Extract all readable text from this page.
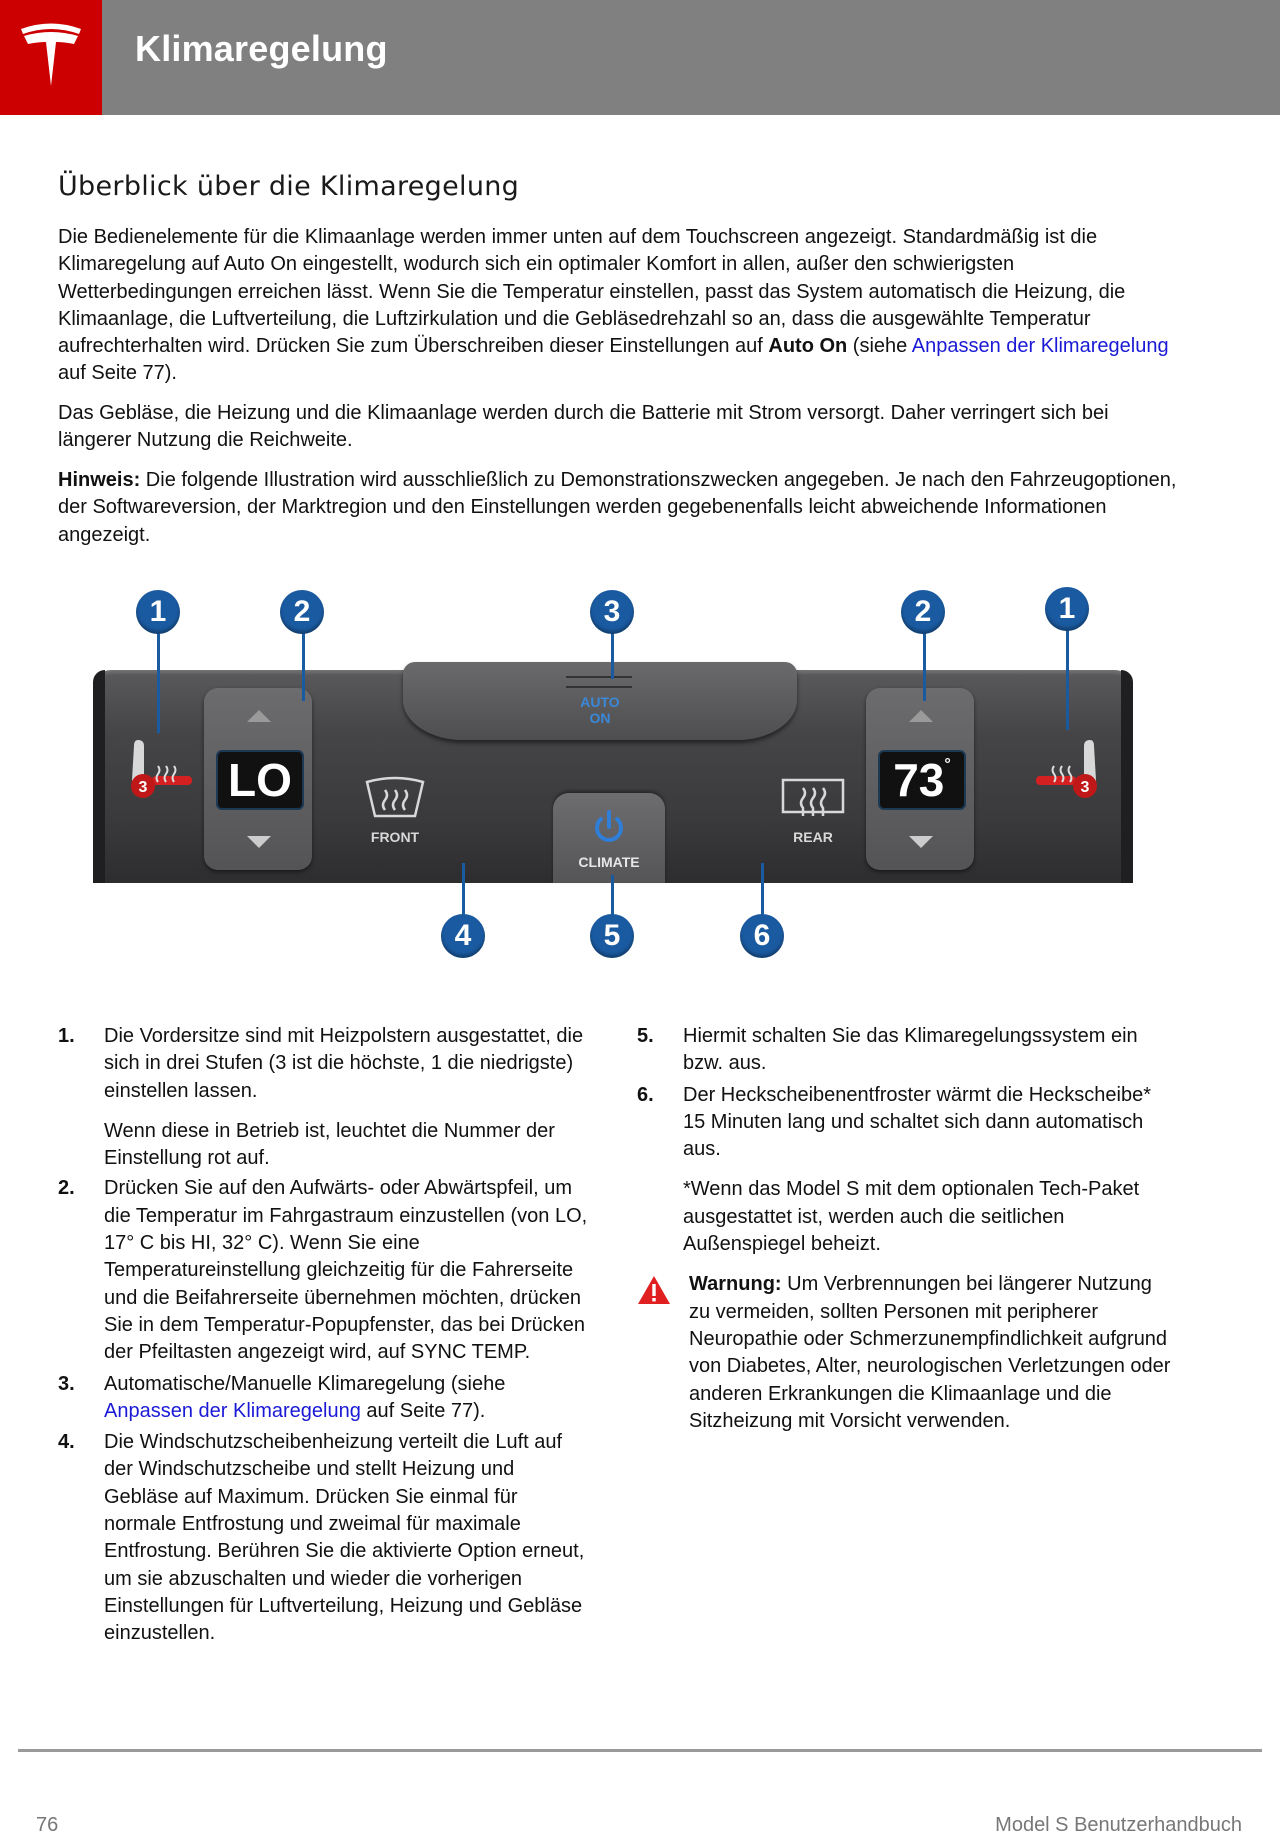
Klimaregelung
Überblick über die Klimaregelung

Die Bedienelemente für die Klimaanlage werden immer unten auf dem Touchscreen angezeigt. Standardmäßig ist die Klimaregelung auf Auto On eingestellt, wodurch sich ein optimaler Komfort in allen, außer den schwierigsten Wetterbedingungen erreichen lässt. Wenn Sie die Temperatur einstellen, passt das System automatisch die Heizung, die Klimaanlage, die Luftverteilung, die Luftzirkulation und die Gebläsedrehzahl so an, dass die ausgewählte Temperatur aufrechterhalten wird. Drücken Sie zum Überschreiben dieser Einstellungen auf Auto On (siehe Anpassen der Klimaregelung auf Seite 77).

Das Gebläse, die Heizung und die Klimaanlage werden durch die Batterie mit Strom versorgt. Daher verringert sich bei längerer Nutzung die Reichweite.

Hinweis: Die folgende Illustration wird ausschließlich zu Demonstrationszwecken angegeben. Je nach den Fahrzeugoptionen, der Softwareversion, der Marktregion und den Einstellungen werden gegebenenfalls leicht abweichende Informationen angezeigt.

AUTO
ON
3 LO
FRONT
CLIMATE
REAR
73°
3
1	2	3	2	1
4	5	6
1. Die Vordersitze sind mit Heizpolstern ausgestattet, die sich in drei Stufen (3 ist die höchste, 1 die niedrigste) einstellen lassen.

Wenn diese in Betrieb ist, leuchtet die Nummer der Einstellung rot auf.

2. Drücken Sie auf den Aufwärts- oder Abwärtspfeil, um die Temperatur im Fahrgastraum einzustellen (von LO, 17° C bis HI, 32° C). Wenn Sie eine Temperatureinstellung gleichzeitig für die Fahrerseite und die Beifahrerseite übernehmen möchten, drücken Sie in dem Temperatur-Popupfenster, das bei Drücken der Pfeiltasten angezeigt wird, auf SYNC TEMP.

3. Automatische/Manuelle Klimaregelung (siehe Anpassen der Klimaregelung auf Seite 77).

4. Die Windschutzscheibenheizung verteilt die Luft auf der Windschutzscheibe und stellt Heizung und Gebläse auf Maximum. Drücken Sie einmal für normale Entfrostung und zweimal für maximale Entfrostung. Berühren Sie die aktivierte Option erneut, um sie abzuschalten und wieder die vorherigen Einstellungen für Luftverteilung, Heizung und Gebläse einzustellen.

5. Hiermit schalten Sie das Klimaregelungssystem ein bzw. aus.

6. Der Heckscheibenentfroster wärmt die Heckscheibe* 15 Minuten lang und schaltet sich dann automatisch aus.

*Wenn das Model S mit dem optionalen Tech-Paket ausgestattet ist, werden auch die seitlichen Außenspiegel beheizt.

Warnung: Um Verbrennungen bei längerer Nutzung zu vermeiden, sollten Personen mit peripherer Neuropathie oder Schmerzunempfindlichkeit aufgrund von Diabetes, Alter, neurologischen Verletzungen oder anderen Erkrankungen die Klimaanlage und die Sitzheizung mit Vorsicht verwenden.

76	Model S Benutzerhandbuch
